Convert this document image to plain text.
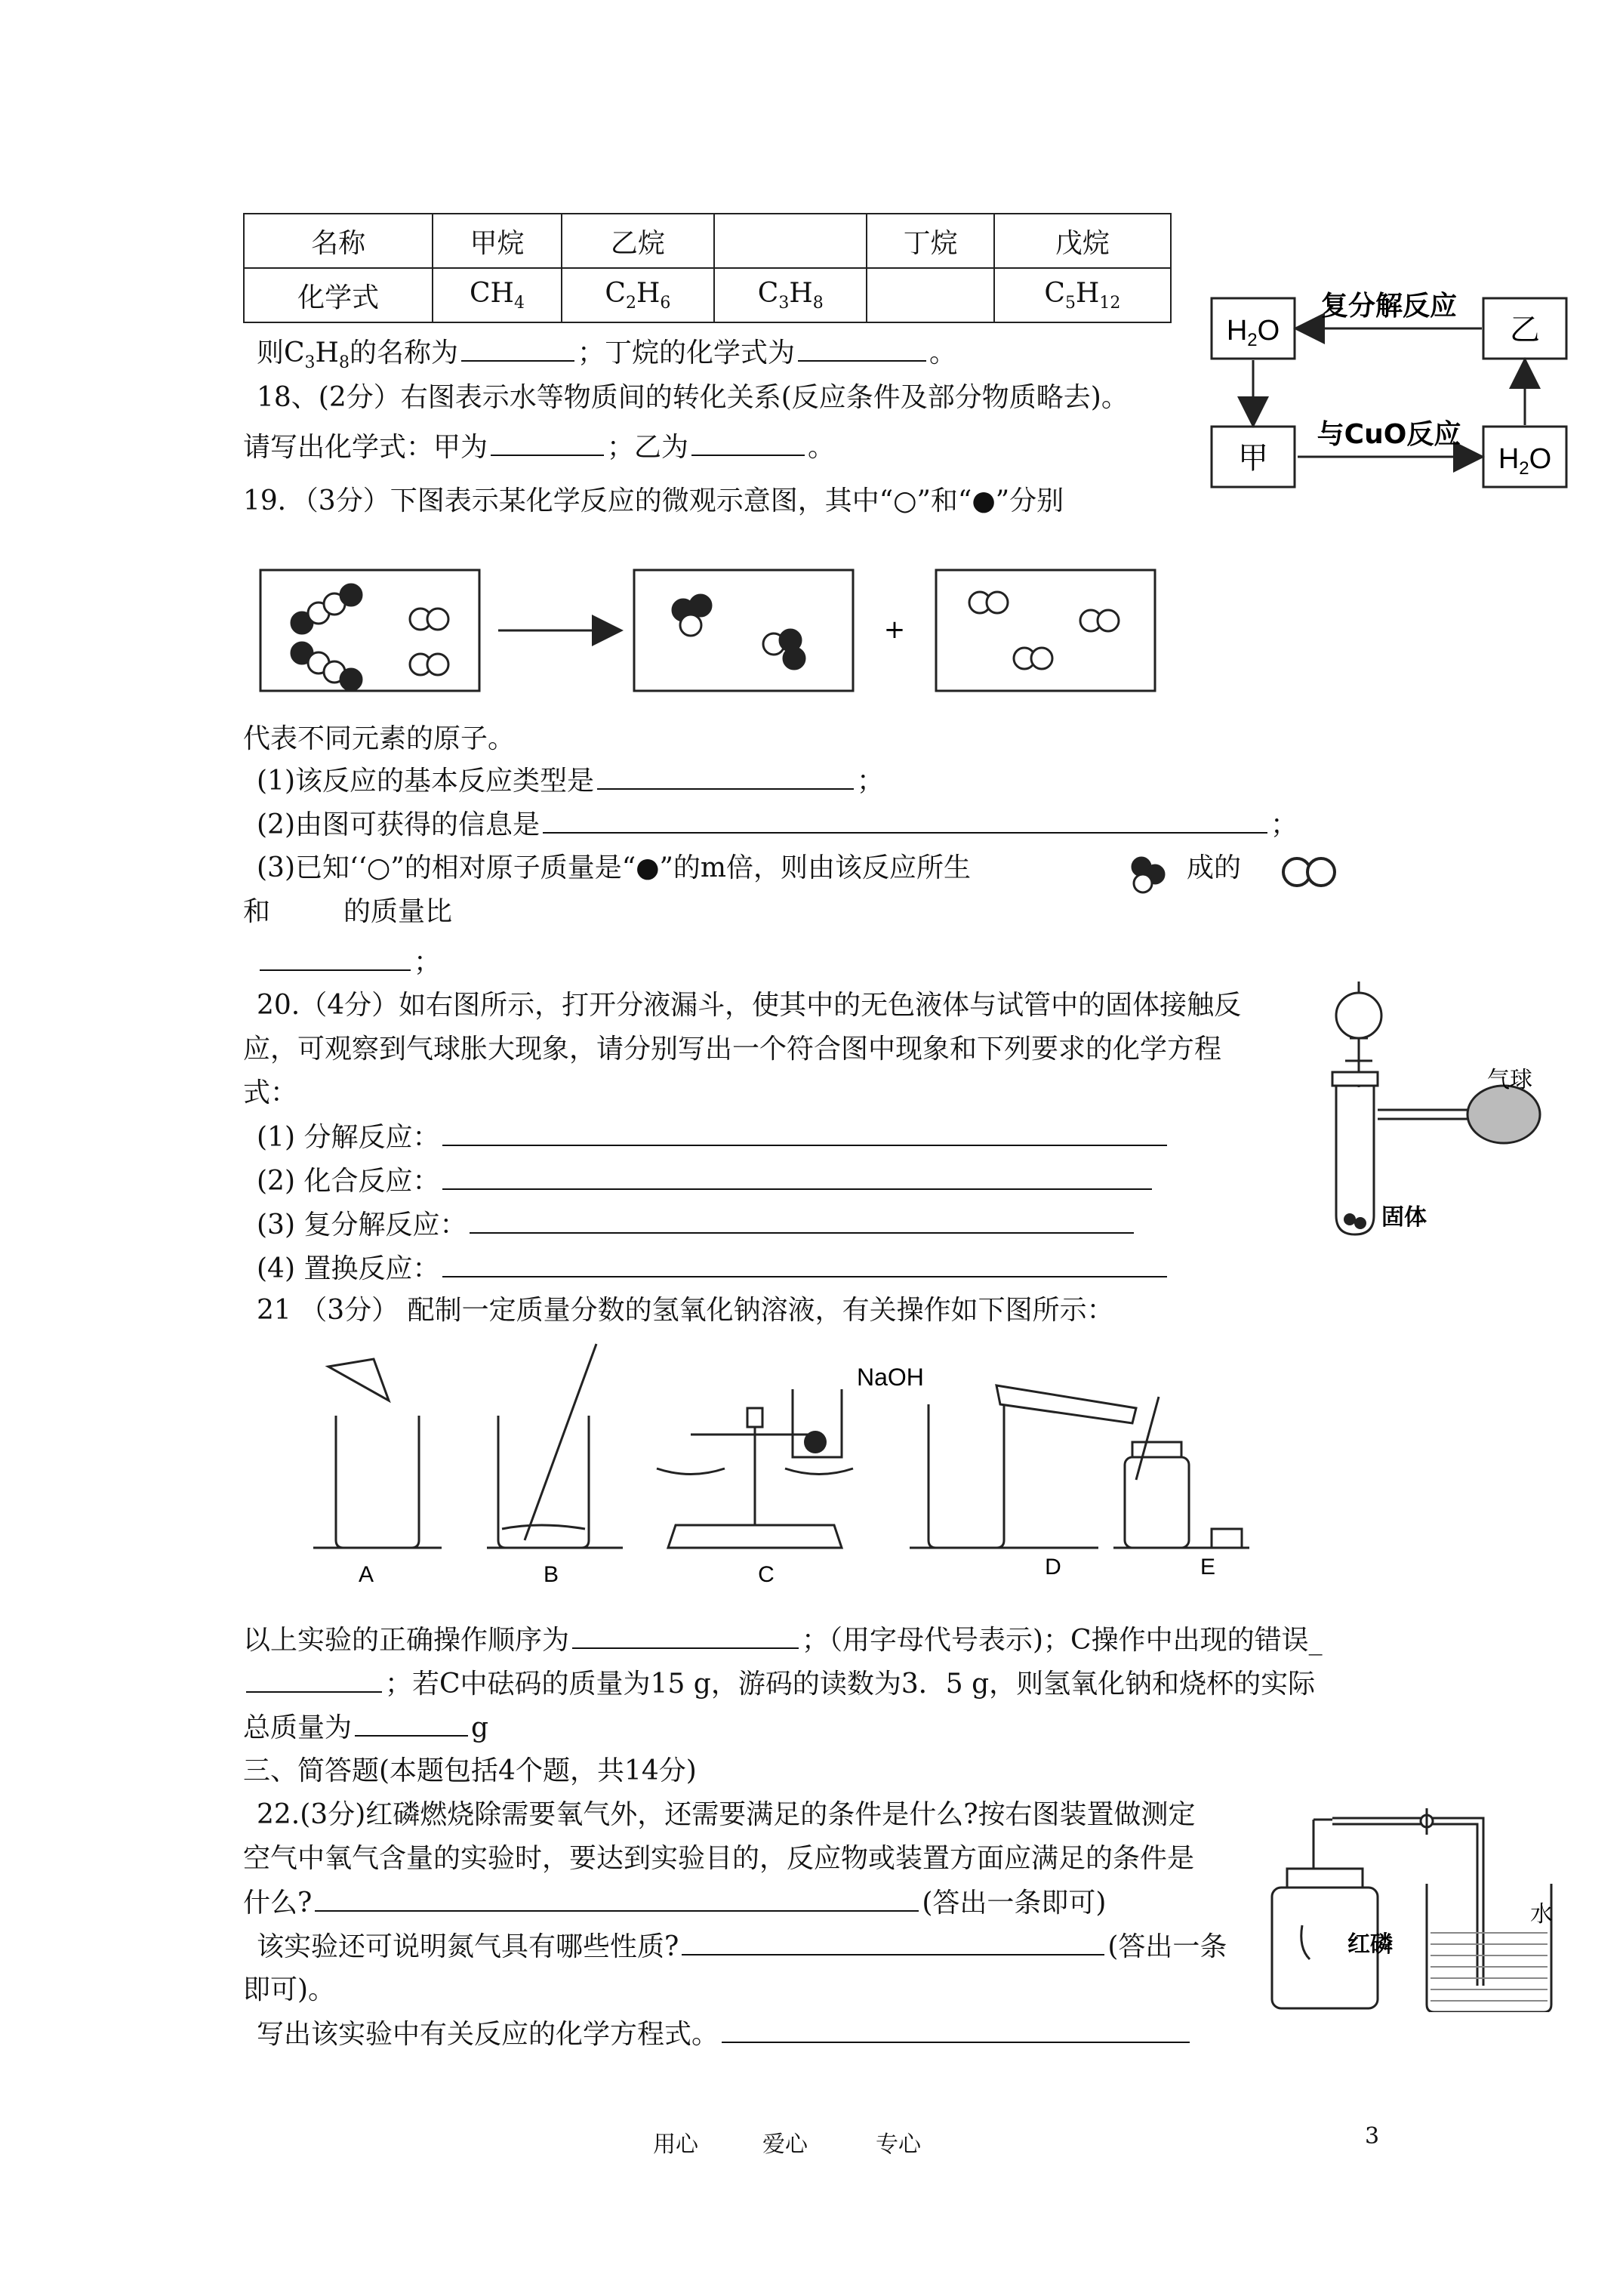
名称	甲烷	乙烷		丁烷	戊烷
化学式	$CH_4$	$C_2H_6$	$C_3H_8$		$C_5H_{12}$
则$C_3H_8$的名称为	；丁烷的化学式为	。
18、(2分）右图表示水等物质间的转化关系(反应条件及部分物质略去)。
请写出化学式：甲为	；乙为	。
$H_2O$	乙
复分解反应
甲	$H_2O$
与CuO反应
19．（3分）下图表示某化学反应的微观示意图，其中“○”和“●”分别
+
代表不同元素的原子。
(1)该反应的基本反应类型是	；
(2)由图可获得的信息是	；
(3)已知‘‘○”的相对原子质量是“●”的m倍，则由该反应所生	成的
和	的质量比
；
20.（4分）如右图所示，打开分液漏斗，使其中的无色液体与试管中的固体接触反
应，可观察到气球胀大现象，请分别写出一个符合图中现象和下列要求的化学方程
式：
(1) 分解反应：
(2) 化合反应：
(3) 复分解反应：
(4) 置换反应：
气球
固体
21 （3分） 配制一定质量分数的氢氧化钠溶液，有关操作如下图所示：
NaOH
A	B	C	D	E
以上实验的正确操作顺序为	；（用字母代号表示)；C操作中出现的错误_
；若C中砝码的质量为15 g，游码的读数为3．5 g，则氢氧化钠和烧杯的实际
总质量为	g
三、简答题(本题包括4个题，共14分)
22.(3分)红磷燃烧除需要氧气外，还需要满足的条件是什么?按右图装置做测定
空气中氧气含量的实验时，要达到实验目的，反应物或装置方面应满足的条件是
什么?	(答出一条即可)
该实验还可说明氮气具有哪些性质?	(答出一条
即可)。
写出该实验中有关反应的化学方程式。
红磷
水
用心	爱心	专心	3
